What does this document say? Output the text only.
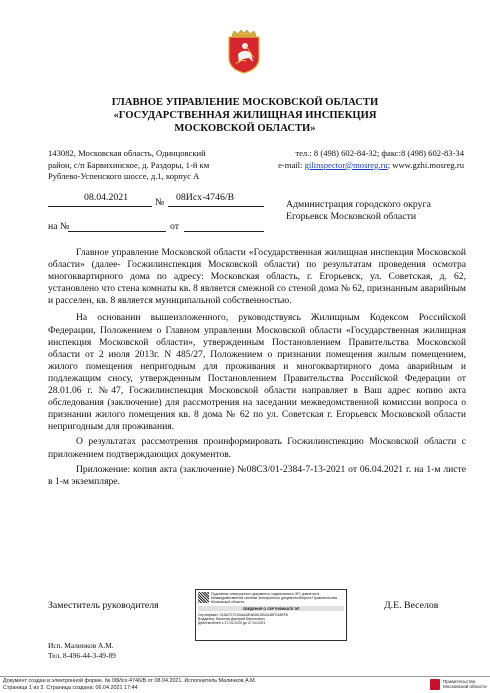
ГЛАВНОЕ УПРАВЛЕНИЕ МОСКОВСКОЙ ОБЛАСТИ
«ГОСУДАРСТВЕННАЯ ЖИЛИЩНАЯ ИНСПЕКЦИЯ
МОСКОВСКОЙ ОБЛАСТИ»
143082, Московская область, Одинцовский
район, с/п Барвихинское, д. Раздоры, 1-й км
Рублево-Успенского шоссе, д.1, корпус А
тел.: 8 (498) 602-84-32; факс:8 (498) 602-83-34
e-mail: gilinspector@mosreg.ru; www.gzhi.mosreg.ru
08.04.2021	№ 08Исх-4746/В
на №	от
Администрация городского округа
Егорьевск Московской области

Главное управление Московской области «Государственная жилищная инспекция Московской области» (далее- Госжилинспекция Московской области) по результатам проведения осмотра многоквартирного дома по адресу: Московская область, г. Егорьевск, ул. Советская, д. 62, установлено что стена комнаты кв. 8 является смежной со стеной дома № 62, признанным аварийным и расселен, кв. 8 является муниципальной собственностью.

На основании вышеизложенного, руководствуясь Жилищным Кодексом Российской Федерации, Положением о Главном управлении Московской области «Государственная жилищная инспекция Московской области», утвержденным Постановлением Правительства Московской области от 2 июля 2013г. N 485/27, Положением о признании помещения жилым помещением, жилого помещения непригодным для проживания и многоквартирного дома аварийным и подлежащим сносу, утвержденным Постановлением Правительства Российской Федерации от 28.01.06 г. №47, Госжилинспекция Московской области направляет в Ваш адрес копию акта обследования (заключение) для рассмотрения на заседании межведомственной комиссии вопроса о признании жилого помещения кв. 8 дома № 62 по ул. Советская г. Егорьевск Московской области непригодным для проживания.

О результатах рассмотрения проинформировать Госжилинспекцию Московской области с приложением подтверждающих документов.

Приложение: копия акта (заключение) №08СЗ/01-2384-7-13-2021 от 06.04.2021 г. на 1-м листе в 1-м экземпляре.

Заместитель руководителя
Подлинник электронного документа, подписанного ЭП, хранится в Межведомственной системе электронного документооборота Правительства Московской области
СВЕДЕНИЯ О СЕРТИФИКАТЕ ЭП
Сертификат: 015A7C7C00AAAE48461DB2A48FC48EF8
Владелец: Веселов Дмитрий Евгеньевич
Действителен с 27.04.2020 до 27.04.2021
Д.Е. Веселов
Исп. Малинков А.М.
Тел. 8-496-44-3-49-89
Документ создан в электронной форме. № 08Исх-4746/В от 08.04.2021. Исполнитель:Малинков А.М.
Страница 1 из 3. Страница создана: 06.04.2021 17:44
Правительство
Московской области
